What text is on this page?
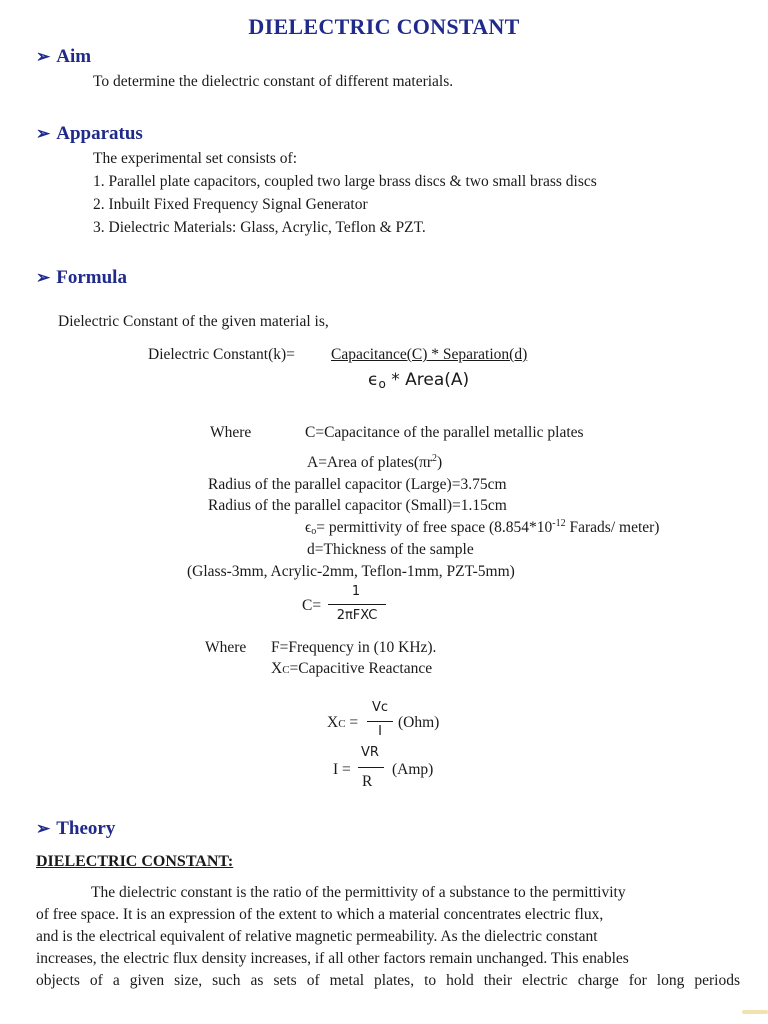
DIELECTRIC CONSTANT
➢ Aim
To determine the dielectric constant of different materials.
➢ Apparatus
The experimental set consists of:
1. Parallel plate capacitors, coupled two large brass discs & two small brass discs
2. Inbuilt Fixed Frequency Signal Generator
3. Dielectric Materials: Glass, Acrylic, Teflon & PZT.
➢ Formula
Dielectric Constant of the given material is,
Dielectric Constant(k)= Capacitance(C) * Separation(d)
$\epsilon_o$ * Area(A)
Where	C=Capacitance of the parallel metallic plates
A=Area of $plates(\pi r^2)$
Radius of the parallel capacitor (Large)=3.75cm
Radius of the parallel capacitor (Small)=1.15cm
$\epsilon_o=$ permittivity of free space ($8.854*10^{-12}$ Farads/ meter)
d=Thickness of the sample
(Glass-3mm, Acrylic-2mm, Teflon-1mm, PZT-5mm)
C=
1
2πFXC
Where F=Frequency in (10 KHz).
XC=Capacitive Reactance
XC =
Vc
I
(Ohm)
I =
VR
R
(Amp)
➢ Theory
DIELECTRIC CONSTANT:
The dielectric constant is the ratio of the permittivity of a substance to the permittivity
of free space. It is an expression of the extent to which a material concentrates electric flux,
and is the electrical equivalent of relative magnetic permeability. As the dielectric constant
increases, the electric flux density increases, if all other factors remain unchanged. This enables
objects of a given size, such as sets of metal plates, to hold their electric charge for long periods
